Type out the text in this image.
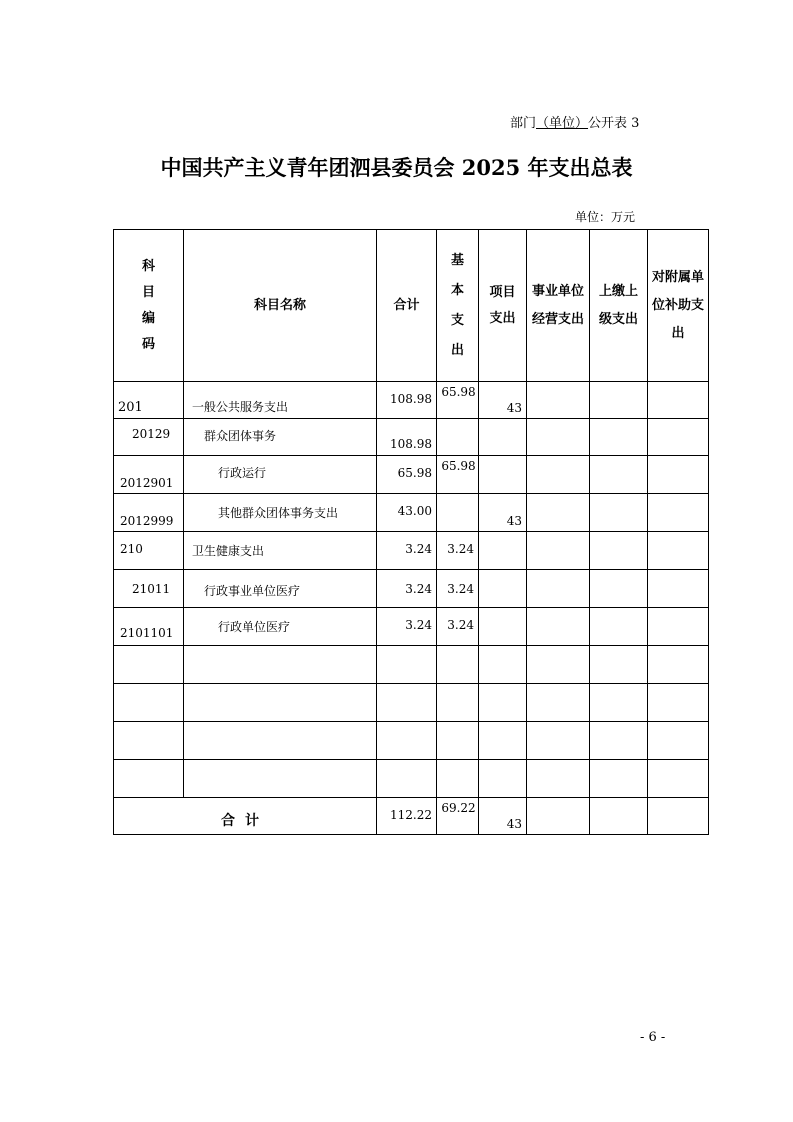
部门（单位）公开表 3
中国共产主义青年团泗县委员会 2025 年支出总表
单位：万元
科目编码	科目名称	合计	基本支出	项目支出	事业单位经营支出	上缴上级支出	对附属单位补助支出

201	一般公共服务支出	108.98	65.98	43			
20129	群众团体事务	108.98	

2012901	行政运行	65.98	65.98				

2012999	其他群众团体事务支出	43.00		43			
210	卫生健康支出	3.24	3.24				
21011	行政事业单位医疗	3.24	3.24				
2101101	行政单位医疗	3.24	3.24				

合计		112.22	69.22	43			
- 6 -
